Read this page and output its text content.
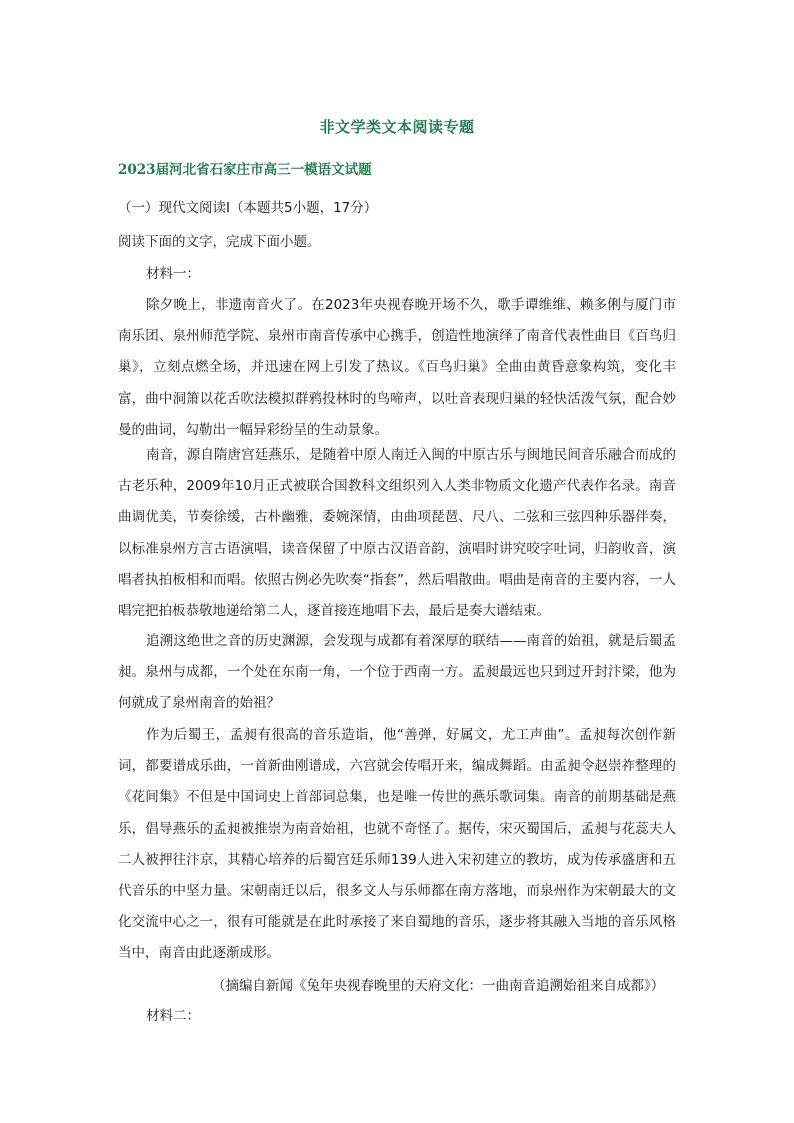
非文学类文本阅读专题
2023届河北省石家庄市高三一模语文试题
（一）现代文阅读Ⅰ（本题共5小题，17分）
阅读下面的文字，完成下面小题。
材料一：

除夕晚上，非遗南音火了。在2023年央视春晚开场不久，歌手谭维维、赖多俐与厦门市南乐团、泉州师范学院、泉州市南音传承中心携手，创造性地演绎了南音代表性曲目《百鸟归巢》，立刻点燃全场，并迅速在网上引发了热议。《百鸟归巢》全曲由黄昏意象构筑，变化丰富，曲中洞箫以花舌吹法模拟群鸦投林时的鸟啼声，以吐音表现归巢的轻快活泼气氛，配合妙曼的曲词，勾勒出一幅异彩纷呈的生动景象。

南音，源自隋唐宫廷燕乐，是随着中原人南迁入闽的中原古乐与闽地民间音乐融合而成的古老乐种，2009年10月正式被联合国教科文组织列入人类非物质文化遗产代表作名录。南音曲调优美，节奏徐缓，古朴幽雅，委婉深情，由曲项琵琶、尺八、二弦和三弦四种乐器伴奏，以标准泉州方言古语演唱，读音保留了中原古汉语音韵，演唱时讲究咬字吐词，归韵收音，演唱者执拍板相和而唱。依照古例必先吹奏“指套”，然后唱散曲。唱曲是南音的主要内容，一人唱完把拍板恭敬地递给第二人，逐首接连地唱下去，最后是奏大谱结束。

追溯这绝世之音的历史渊源，会发现与成都有着深厚的联结——南音的始祖，就是后蜀孟昶。泉州与成都，一个处在东南一角，一个位于西南一方。孟昶最远也只到过开封汴梁，他为何就成了泉州南音的始祖？

作为后蜀王，孟昶有很高的音乐造诣，他“善弹，好属文，尤工声曲”。孟昶每次创作新词，都要谱成乐曲，一首新曲刚谱成，六宫就会传唱开来，编成舞蹈。由孟昶令赵崇祚整理的《花间集》不但是中国词史上首部词总集，也是唯一传世的燕乐歌词集。南音的前期基础是燕乐，倡导燕乐的孟昶被推崇为南音始祖，也就不奇怪了。据传，宋灭蜀国后，孟昶与花蕊夫人二人被押往汴京，其精心培养的后蜀宫廷乐师139人进入宋初建立的教坊，成为传承盛唐和五代音乐的中坚力量。宋朝南迁以后，很多文人与乐师都在南方落地，而泉州作为宋朝最大的文化交流中心之一，很有可能就是在此时承接了来自蜀地的音乐，逐步将其融入当地的音乐风格当中，南音由此逐渐成形。

（摘编自新闻《兔年央视春晚里的天府文化：一曲南音追溯始祖来自成都》）
材料二：
